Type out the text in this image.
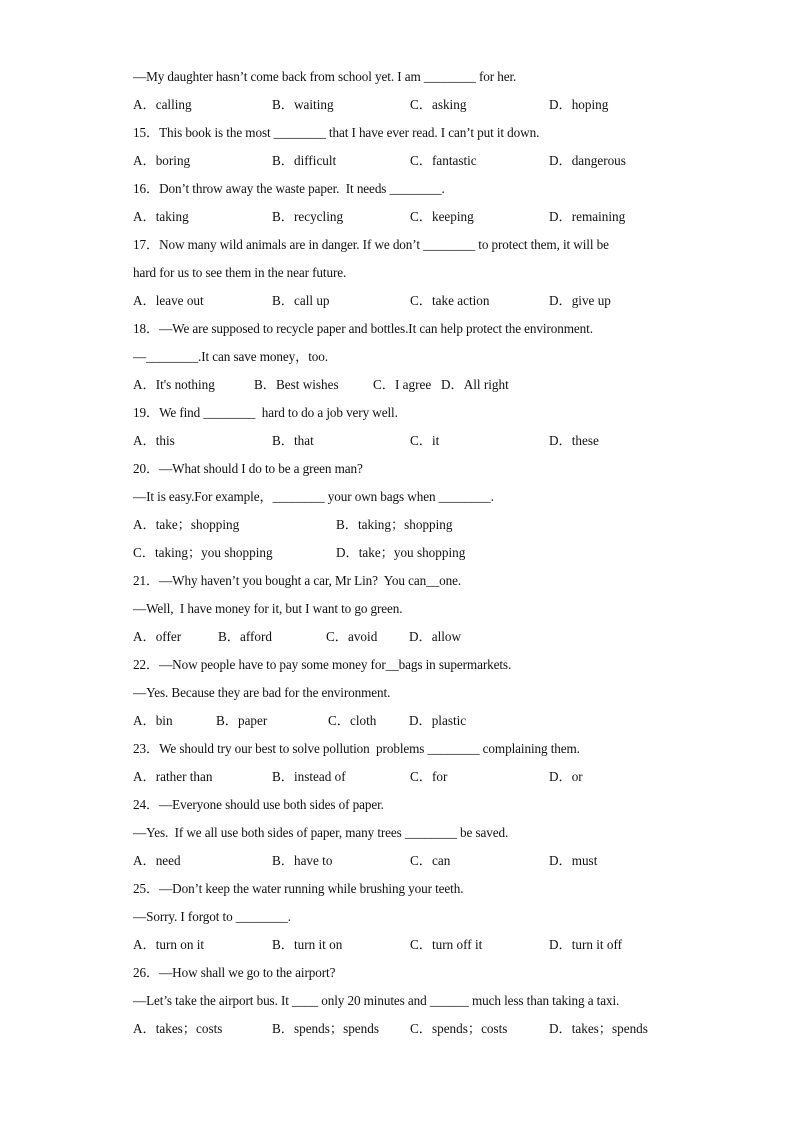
—My daughter hasn’t come back from school yet. I am ________ for her.
A．calling	B．waiting	C．asking	D．hoping
15．This book is the most ________ that I have ever read. I can’t put it down.
A．boring	B．difficult	C．fantastic	D．dangerous
16．Don’t throw away the waste paper.  It needs ________.
A．taking	B．recycling	C．keeping	D．remaining
17．Now many wild animals are in danger. If we don’t ________ to protect them, it will be
hard for us to see them in the near future.
A．leave out	B．call up	C．take action	D．give up
18．—We are supposed to recycle paper and bottles.It can help protect the environment.
—________.It can save money，too.
A．It's nothing	B．Best wishes	C．I agree D．All right
19．We find ________  hard to do a job very well.
A．this	B．that	C．it	D．these
20．—What should I do to be a green man?
—It is easy.For example，________ your own bags when ________.
A．take；shopping	B．taking；shopping
C．taking；you shopping	D．take；you shopping
21．—Why haven’t you bought a car, Mr Lin?  You can__one.
—Well,  I have money for it, but I want to go green.
A．offer	B．afford	C．avoid D．allow
22．—Now people have to pay some money for__bags in supermarkets.
—Yes. Because they are bad for the environment.
A．bin	B．paper	C．cloth D．plastic
23．We should try our best to solve pollution  problems ________ complaining them.
A．rather than	B．instead of	C．for	D．or
24．—Everyone should use both sides of paper.
—Yes.  If we all use both sides of paper, many trees ________ be saved.
A．need	B．have to	C．can	D．must
25．—Don’t keep the water running while brushing your teeth.
—Sorry. I forgot to ________.
A．turn on it	B．turn it on	C．turn off it	D．turn it off
26．—How shall we go to the airport?
—Let’s take the airport bus. It ____ only 20 minutes and ______ much less than taking a taxi.
A．takes；costs	B．spends；spends C．spends；costs	D．takes；spends
